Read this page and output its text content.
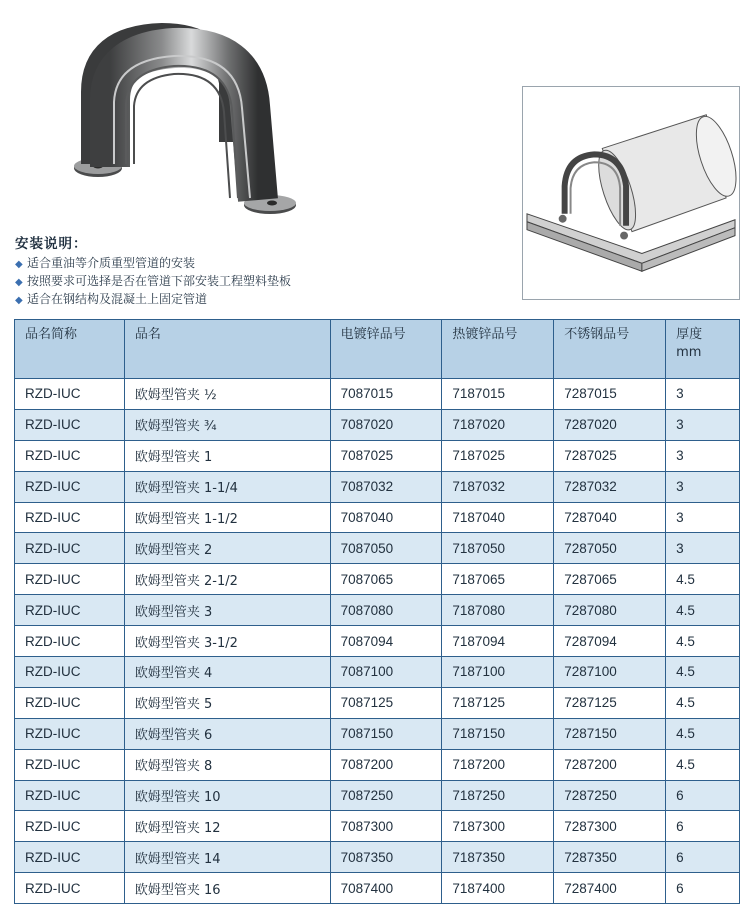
安装说明：
◆ 适合重油等介质重型管道的安装
◆ 按照要求可选择是否在管道下部安装工程塑料垫板
◆ 适合在钢结构及混凝土上固定管道
品名简称	品名	电镀锌品号	热镀锌品号	不锈钢品号	厚度
mm
RZD-IUC	欧姆型管夹 ½	7087015	7187015	7287015	3
RZD-IUC	欧姆型管夹 ¾	7087020	7187020	7287020	3
RZD-IUC	欧姆型管夹 1	7087025	7187025	7287025	3
RZD-IUC	欧姆型管夹 1-1/4	7087032	7187032	7287032	3
RZD-IUC	欧姆型管夹 1-1/2	7087040	7187040	7287040	3
RZD-IUC	欧姆型管夹 2	7087050	7187050	7287050	3
RZD-IUC	欧姆型管夹 2-1/2	7087065	7187065	7287065	4.5
RZD-IUC	欧姆型管夹 3	7087080	7187080	7287080	4.5
RZD-IUC	欧姆型管夹 3-1/2	7087094	7187094	7287094	4.5
RZD-IUC	欧姆型管夹 4	7087100	7187100	7287100	4.5
RZD-IUC	欧姆型管夹 5	7087125	7187125	7287125	4.5
RZD-IUC	欧姆型管夹 6	7087150	7187150	7287150	4.5
RZD-IUC	欧姆型管夹 8	7087200	7187200	7287200	4.5
RZD-IUC	欧姆型管夹 10	7087250	7187250	7287250	6
RZD-IUC	欧姆型管夹 12	7087300	7187300	7287300	6
RZD-IUC	欧姆型管夹 14	7087350	7187350	7287350	6
RZD-IUC	欧姆型管夹 16	7087400	7187400	7287400	6
